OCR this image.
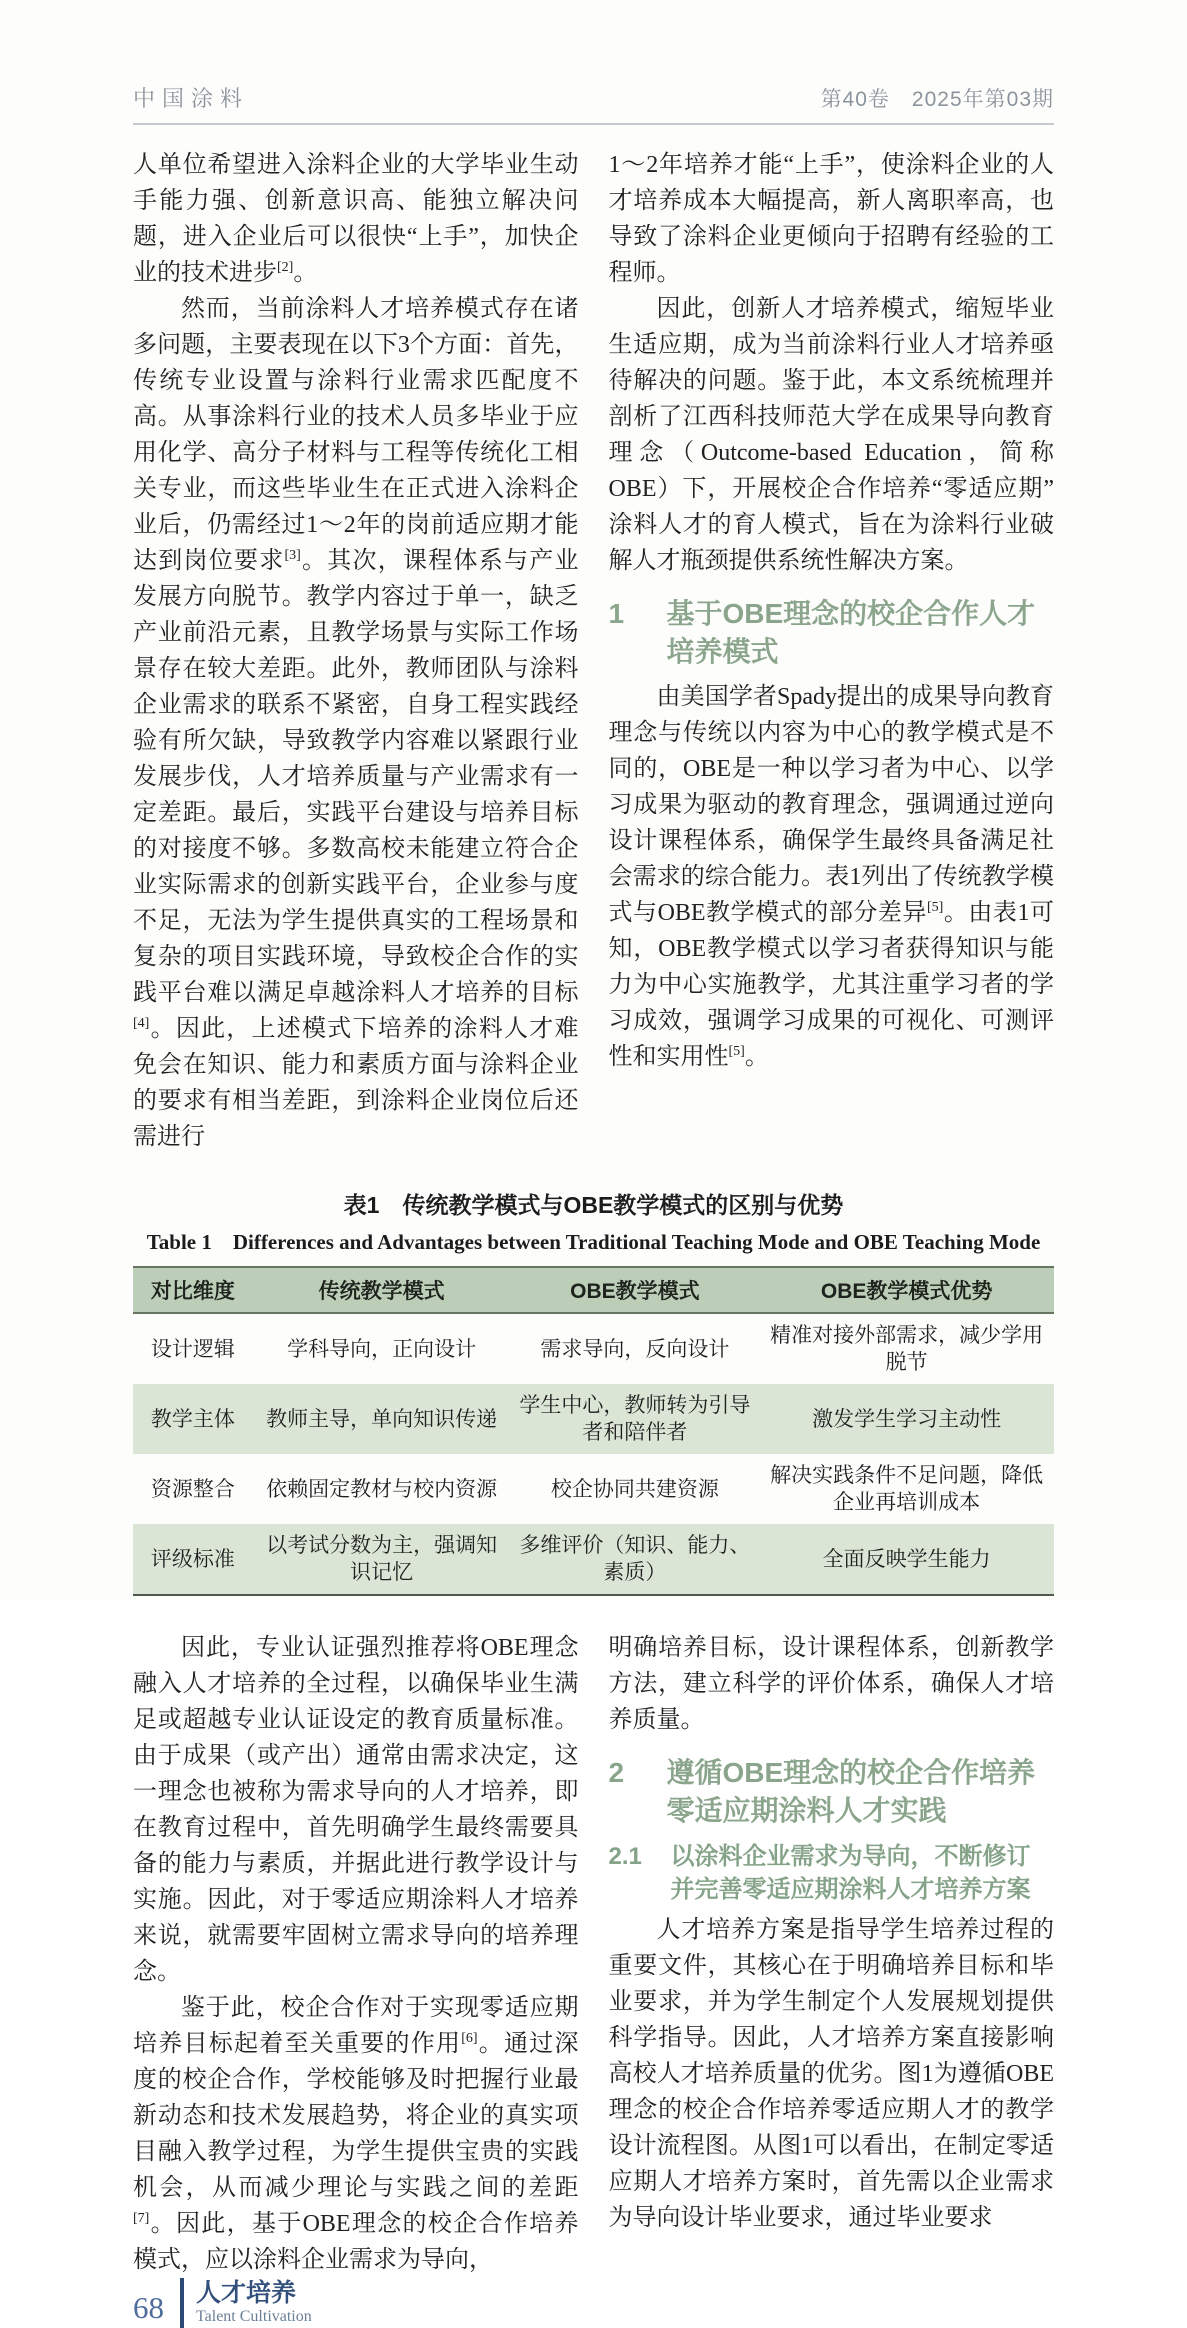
中国涂料	第40卷　2025年第03期

人单位希望进入涂料企业的大学毕业生动手能力强、创新意识高、能独立解决问题，进入企业后可以很快“上手”，加快企业的技术进步[2]。

然而，当前涂料人才培养模式存在诸多问题，主要表现在以下3个方面：首先，传统专业设置与涂料行业需求匹配度不高。从事涂料行业的技术人员多毕业于应用化学、高分子材料与工程等传统化工相关专业，而这些毕业生在正式进入涂料企业后，仍需经过1～2年的岗前适应期才能达到岗位要求[3]。其次，课程体系与产业发展方向脱节。教学内容过于单一，缺乏产业前沿元素，且教学场景与实际工作场景存在较大差距。此外，教师团队与涂料企业需求的联系不紧密，自身工程实践经验有所欠缺，导致教学内容难以紧跟行业发展步伐，人才培养质量与产业需求有一定差距。最后，实践平台建设与培养目标的对接度不够。多数高校未能建立符合企业实际需求的创新实践平台，企业参与度不足，无法为学生提供真实的工程场景和复杂的项目实践环境，导致校企合作的实践平台难以满足卓越涂料人才培养的目标[4]。因此，上述模式下培养的涂料人才难免会在知识、能力和素质方面与涂料企业的要求有相当差距，到涂料企业岗位后还需进行

1～2年培养才能“上手”，使涂料企业的人才培养成本大幅提高，新人离职率高，也导致了涂料企业更倾向于招聘有经验的工程师。

因此，创新人才培养模式，缩短毕业生适应期，成为当前涂料行业人才培养亟待解决的问题。鉴于此，本文系统梳理并剖析了江西科技师范大学在成果导向教育理念（Outcome-based Education，简称OBE）下，开展校企合作培养“零适应期”涂料人才的育人模式，旨在为涂料行业破解人才瓶颈提供系统性解决方案。

1	基于OBE理念的校企合作人才培养模式

由美国学者Spady提出的成果导向教育理念与传统以内容为中心的教学模式是不同的，OBE是一种以学习者为中心、以学习成果为驱动的教育理念，强调通过逆向设计课程体系，确保学生最终具备满足社会需求的综合能力。表1列出了传统教学模式与OBE教学模式的部分差异[5]。由表1可知，OBE教学模式以学习者获得知识与能力为中心实施教学，尤其注重学习者的学习成效，强调学习成果的可视化、可测评性和实用性[5]。

表1　传统教学模式与OBE教学模式的区别与优势
Table 1　Differences and Advantages between Traditional Teaching Mode and OBE Teaching Mode
对比维度	传统教学模式	OBE教学模式	OBE教学模式优势
设计逻辑	学科导向，正向设计	需求导向，反向设计	精准对接外部需求，减少学用脱节
教学主体	教师主导，单向知识传递	学生中心，教师转为引导者和陪伴者	激发学生学习主动性
资源整合	依赖固定教材与校内资源	校企协同共建资源	解决实践条件不足问题，降低企业再培训成本
评级标准	以考试分数为主，强调知识记忆	多维评价（知识、能力、素质）	全面反映学生能力

因此，专业认证强烈推荐将OBE理念融入人才培养的全过程，以确保毕业生满足或超越专业认证设定的教育质量标准。由于成果（或产出）通常由需求决定，这一理念也被称为需求导向的人才培养，即在教育过程中，首先明确学生最终需要具备的能力与素质，并据此进行教学设计与实施。因此，对于零适应期涂料人才培养来说，就需要牢固树立需求导向的培养理念。

鉴于此，校企合作对于实现零适应期培养目标起着至关重要的作用[6]。通过深度的校企合作，学校能够及时把握行业最新动态和技术发展趋势，将企业的真实项目融入教学过程，为学生提供宝贵的实践机会，从而减少理论与实践之间的差距[7]。因此，基于OBE理念的校企合作培养模式，应以涂料企业需求为导向，

明确培养目标，设计课程体系，创新教学方法，建立科学的评价体系，确保人才培养质量。

2	遵循OBE理念的校企合作培养零适应期涂料人才实践
2.1	以涂料企业需求为导向，不断修订并完善零适应期涂料人才培养方案

人才培养方案是指导学生培养过程的重要文件，其核心在于明确培养目标和毕业要求，并为学生制定个人发展规划提供科学指导。因此，人才培养方案直接影响高校人才培养质量的优劣。图1为遵循OBE理念的校企合作培养零适应期人才的教学设计流程图。从图1可以看出，在制定零适应期人才培养方案时，首先需以企业需求为导向设计毕业要求，通过毕业要求

68 人才培养
Talent Cultivation
